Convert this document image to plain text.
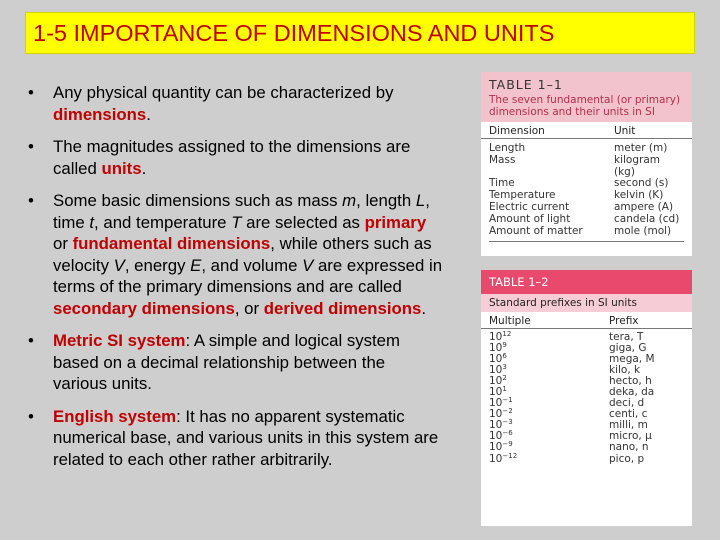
1-5 IMPORTANCE OF DIMENSIONS AND UNITS
• Any physical quantity can be characterized by dimensions.
• The magnitudes assigned to the dimensions are called units.
• Some basic dimensions such as mass m, length L, time t, and temperature T are selected as primary or fundamental dimensions, while others such as velocity V, energy E, and volume V are expressed in terms of the primary dimensions and are called secondary dimensions, or derived dimensions.
• Metric SI system: A simple and logical system based on a decimal relationship between the various units.
• English system: It has no apparent systematic numerical base, and various units in this system are related to each other rather arbitrarily.
TABLE 1–1
The seven fundamental (or primary) dimensions and their units in SI
Dimension	Unit
Length	meter (m)
Mass	kilogram (kg)
Time	second (s)
Temperature	kelvin (K)
Electric current	ampere (A)
Amount of light	candela (cd)
Amount of matter	mole (mol)
TABLE 1–2
Standard prefixes in SI units
Multiple	Prefix
$10^{12}$	tera, T
$10^9$	giga, G
$10^6$	mega, M
$10^3$	kilo, k
$10^2$	hecto, h
$10^1$	deka, da
$10^{-1}$	deci, d
$10^{-2}$	centi, c
$10^{-3}$	milli, m
$10^{-6}$	micro, μ
$10^{-9}$	nano, n
$10^{-12}$	pico, p
